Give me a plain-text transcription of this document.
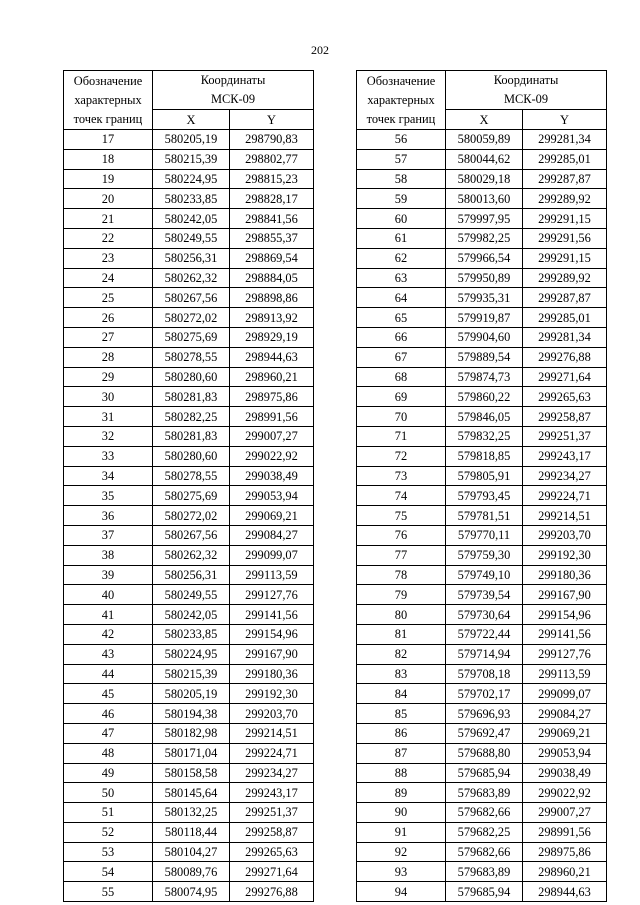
202
Обозначение
характерных
точек границ	Координаты
МСК-09	
	X	Y
17	580205,19	298790,83
18	580215,39	298802,77
19	580224,95	298815,23
20	580233,85	298828,17
21	580242,05	298841,56
22	580249,55	298855,37
23	580256,31	298869,54
24	580262,32	298884,05
25	580267,56	298898,86
26	580272,02	298913,92
27	580275,69	298929,19
28	580278,55	298944,63
29	580280,60	298960,21
30	580281,83	298975,86
31	580282,25	298991,56
32	580281,83	299007,27
33	580280,60	299022,92
34	580278,55	299038,49
35	580275,69	299053,94
36	580272,02	299069,21
37	580267,56	299084,27
38	580262,32	299099,07
39	580256,31	299113,59
40	580249,55	299127,76
41	580242,05	299141,56
42	580233,85	299154,96
43	580224,95	299167,90
44	580215,39	299180,36
45	580205,19	299192,30
46	580194,38	299203,70
47	580182,98	299214,51
48	580171,04	299224,71
49	580158,58	299234,27
50	580145,64	299243,17
51	580132,25	299251,37
52	580118,44	299258,87
53	580104,27	299265,63
54	580089,76	299271,64
55	580074,95	299276,88
Обозначение
характерных
точек границ	Координаты
МСК-09	
	X	Y
56	580059,89	299281,34
57	580044,62	299285,01
58	580029,18	299287,87
59	580013,60	299289,92
60	579997,95	299291,15
61	579982,25	299291,56
62	579966,54	299291,15
63	579950,89	299289,92
64	579935,31	299287,87
65	579919,87	299285,01
66	579904,60	299281,34
67	579889,54	299276,88
68	579874,73	299271,64
69	579860,22	299265,63
70	579846,05	299258,87
71	579832,25	299251,37
72	579818,85	299243,17
73	579805,91	299234,27
74	579793,45	299224,71
75	579781,51	299214,51
76	579770,11	299203,70
77	579759,30	299192,30
78	579749,10	299180,36
79	579739,54	299167,90
80	579730,64	299154,96
81	579722,44	299141,56
82	579714,94	299127,76
83	579708,18	299113,59
84	579702,17	299099,07
85	579696,93	299084,27
86	579692,47	299069,21
87	579688,80	299053,94
88	579685,94	299038,49
89	579683,89	299022,92
90	579682,66	299007,27
91	579682,25	298991,56
92	579682,66	298975,86
93	579683,89	298960,21
94	579685,94	298944,63
